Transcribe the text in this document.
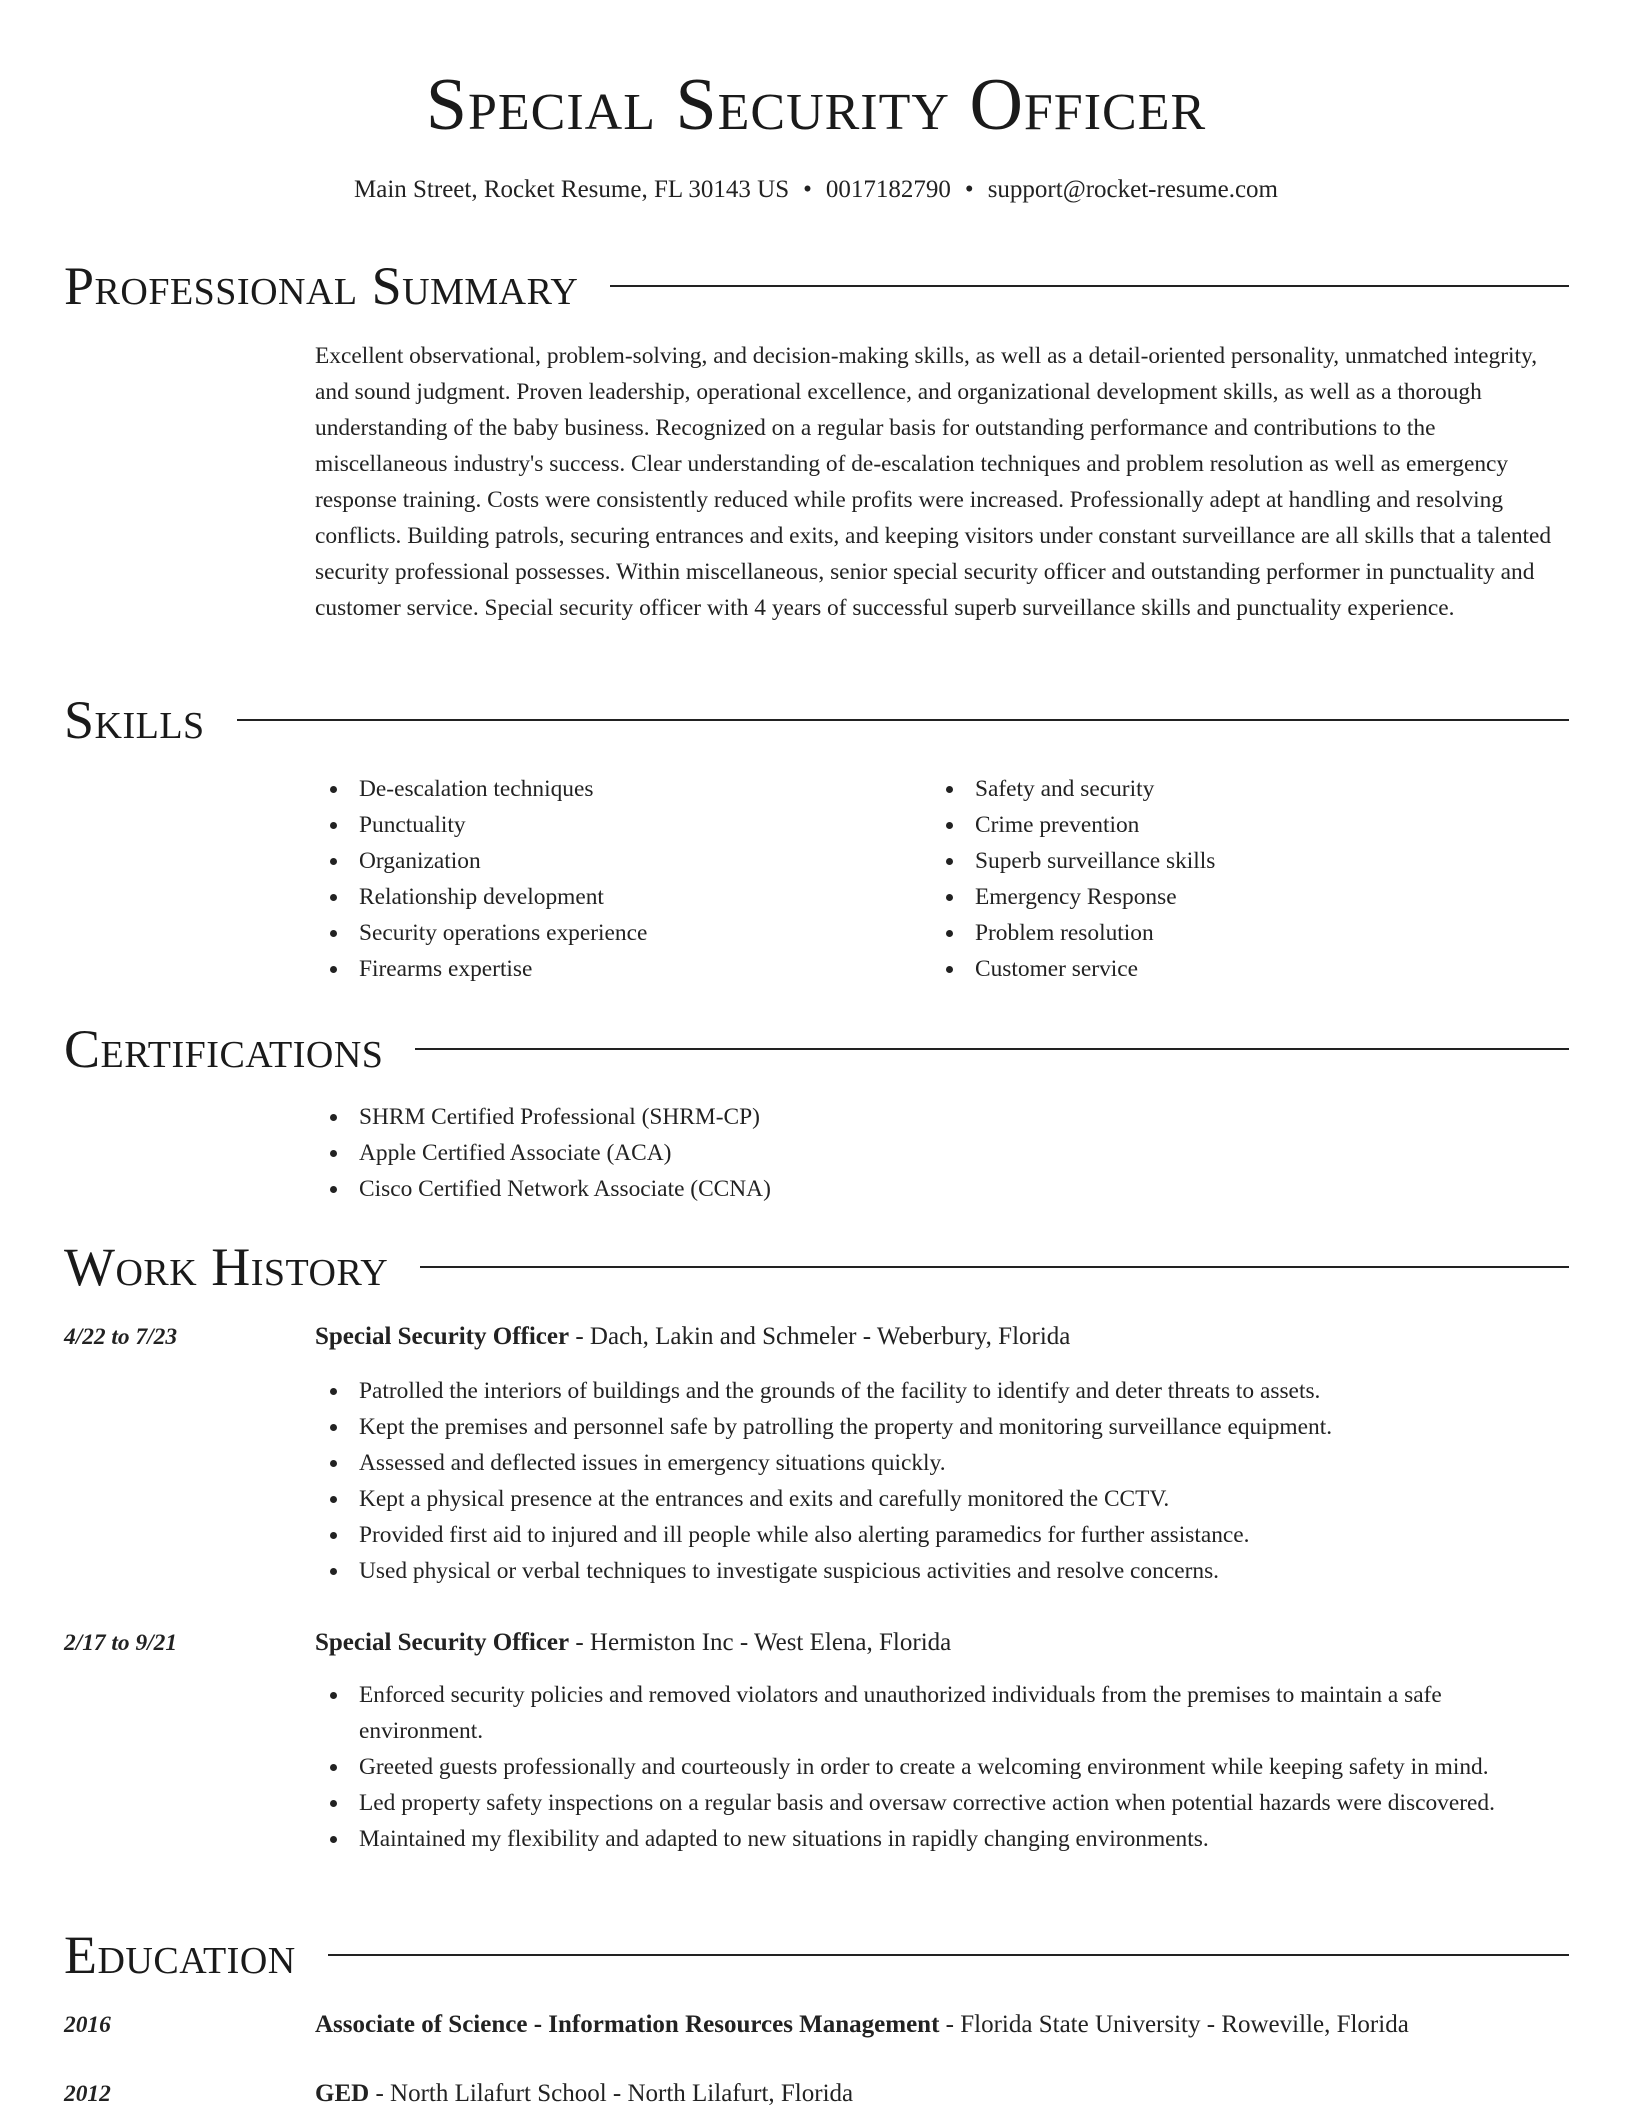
Special Security Officer
Main Street, Rocket Resume, FL 30143 US • 0017182790 • support@rocket-resume.com
Professional Summary
Excellent observational, problem-solving, and decision-making skills, as well as a detail-oriented personality, unmatched integrity, and sound judgment. Proven leadership, operational excellence, and organizational development skills, as well as a thorough understanding of the baby business. Recognized on a regular basis for outstanding performance and contributions to the miscellaneous industry's success. Clear understanding of de-escalation techniques and problem resolution as well as emergency response training. Costs were consistently reduced while profits were increased. Professionally adept at handling and resolving conflicts. Building patrols, securing entrances and exits, and keeping visitors under constant surveillance are all skills that a talented security professional possesses. Within miscellaneous, senior special security officer and outstanding performer in punctuality and customer service. Special security officer with 4 years of successful superb surveillance skills and punctuality experience.
Skills
De-escalation techniques
Punctuality
Organization
Relationship development
Security operations experience
Firearms expertise
Safety and security
Crime prevention
Superb surveillance skills
Emergency Response
Problem resolution
Customer service
Certifications
SHRM Certified Professional (SHRM-CP)
Apple Certified Associate (ACA)
Cisco Certified Network Associate (CCNA)
Work History
4/22 to 7/23	Special Security Officer - Dach, Lakin and Schmeler - Weberbury, Florida
Patrolled the interiors of buildings and the grounds of the facility to identify and deter threats to assets.
Kept the premises and personnel safe by patrolling the property and monitoring surveillance equipment.
Assessed and deflected issues in emergency situations quickly.
Kept a physical presence at the entrances and exits and carefully monitored the CCTV.
Provided first aid to injured and ill people while also alerting paramedics for further assistance.
Used physical or verbal techniques to investigate suspicious activities and resolve concerns.
2/17 to 9/21	Special Security Officer - Hermiston Inc - West Elena, Florida
Enforced security policies and removed violators and unauthorized individuals from the premises to maintain a safe environment.
Greeted guests professionally and courteously in order to create a welcoming environment while keeping safety in mind.
Led property safety inspections on a regular basis and oversaw corrective action when potential hazards were discovered.
Maintained my flexibility and adapted to new situations in rapidly changing environments.
Education
2016	Associate of Science - Information Resources Management - Florida State University - Roweville, Florida
2012	GED - North Lilafurt School - North Lilafurt, Florida
